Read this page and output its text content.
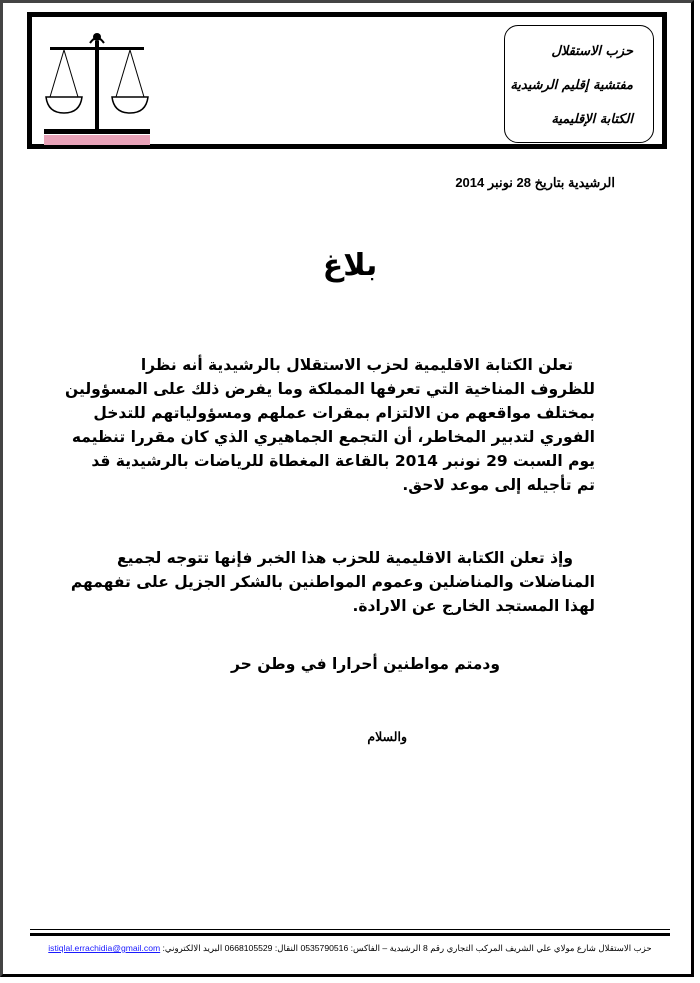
حزب الاستقلال
مفتشية إقليم الرشيدية
الكتابة الإقليمية
الرشيدية بتاريخ 28 نونبر 2014
بلاغ
تعلن الكتابة الاقليمية لحزب الاستقلال بالرشيدية أنه نظرا
للظروف المناخية التي تعرفها المملكة وما يفرض ذلك على المسؤولين
بمختلف مواقعهم من الالتزام بمقرات عملهم ومسؤولياتهم للتدخل
الفوري لتدبير المخاطر، أن التجمع الجماهيري الذي كان مقررا تنظيمه
يوم السبت 29 نونبر 2014 بالقاعة المغطاة للرياضات بالرشيدية قد
تم تأجيله إلى موعد لاحق.
وإذ تعلن الكتابة الاقليمية للحزب هذا الخبر فإنها تتوجه لجميع
المناضلات والمناضلين وعموم المواطنين بالشكر الجزيل على تفهمهم
لهذا المستجد الخارج عن الارادة.
ودمتم مواطنين أحرارا في وطن حر
والسلام
حزب الاستقلال شارع مولاي علي الشريف المركب التجاري رقم 8 الرشيدية – الفاكس: 0535790516 النقال: 0668105529 البريد الالكتروني: istiqlal.errachidia@gmail.com
